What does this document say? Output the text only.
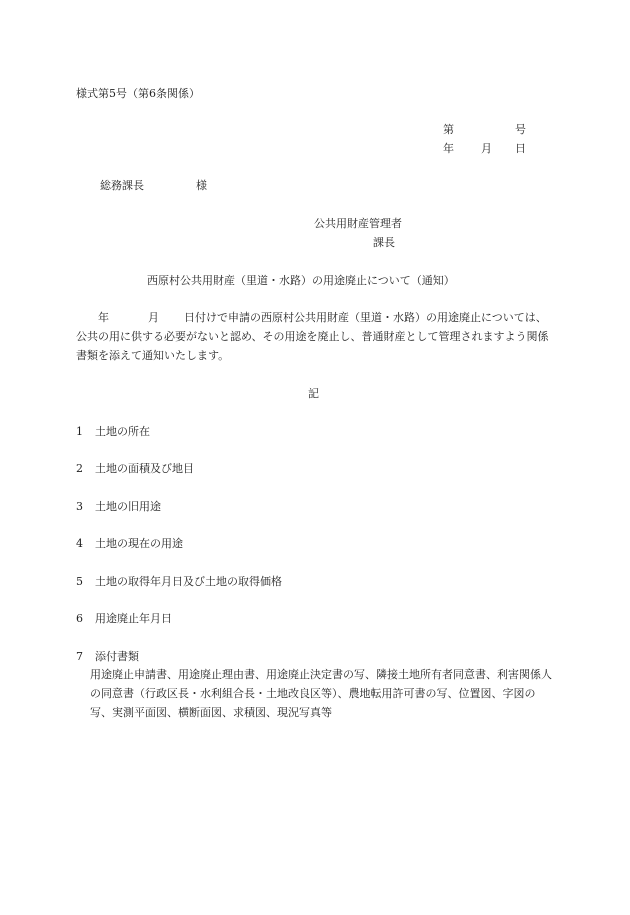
様式第5号（第6条関係）
第	号
年 月 日
総務課長	様
公共用財産管理者
課長
西原村公共用財産（里道・水路）の用途廃止について（通知）
年	月 日付けで申請の西原村公共用財産（里道・水路）の用途廃止については、
公共の用に供する必要がないと認め、その用途を廃止し、普通財産として管理されますよう関係書類を添えて通知いたします。
記
1 土地の所在
2 土地の面積及び地目
3 土地の旧用途
4 土地の現在の用途
5 土地の取得年月日及び土地の取得価格
6 用途廃止年月日
7 添付書類
用途廃止申請書、用途廃止理由書、用途廃止決定書の写、隣接土地所有者同意書、利害関係人の同意書（行政区長・水利組合長・土地改良区等）、農地転用許可書の写、位置図、字図の写、実測平面図、横断面図、求積図、現況写真等
